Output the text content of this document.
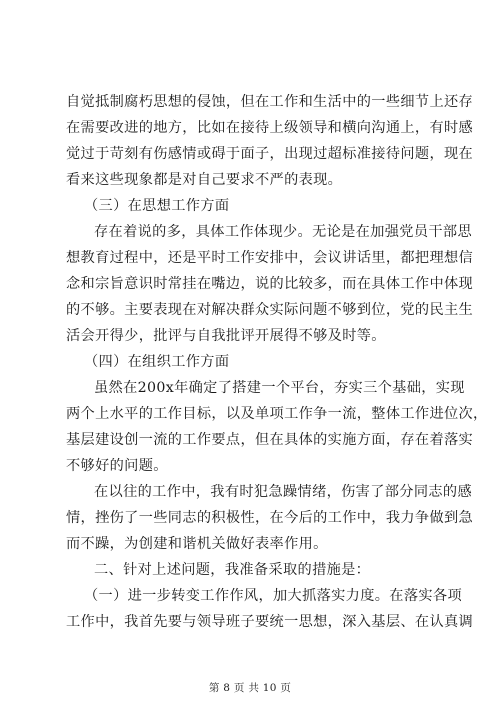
自觉抵制腐朽思想的侵蚀，但在工作和生活中的一些细节上还存
在需要改进的地方，比如在接待上级领导和横向沟通上，有时感
觉过于苛刻有伤感情或碍于面子，出现过超标准接待问题，现在
看来这些现象都是对自己要求不严的表现。
（三）在思想工作方面
存在着说的多，具体工作体现少。无论是在加强党员干部思
想教育过程中，还是平时工作安排中，会议讲话里，都把理想信
念和宗旨意识时常挂在嘴边，说的比较多，而在具体工作中体现
的不够。主要表现在对解决群众实际问题不够到位，党的民主生
活会开得少，批评与自我批评开展得不够及时等。
（四）在组织工作方面
虽然在200x年确定了搭建一个平台，夯实三个基础，实现
两个上水平的工作目标，以及单项工作争一流，整体工作进位次，
基层建设创一流的工作要点，但在具体的实施方面，存在着落实
不够好的问题。
在以往的工作中，我有时犯急躁情绪，伤害了部分同志的感
情，挫伤了一些同志的积极性，在今后的工作中，我力争做到急
而不躁，为创建和谐机关做好表率作用。
二、针对上述问题，我准备采取的措施是：
（一）进一步转变工作作风，加大抓落实力度。在落实各项
工作中，我首先要与领导班子要统一思想，深入基层、在认真调
第 8 页 共 10 页
